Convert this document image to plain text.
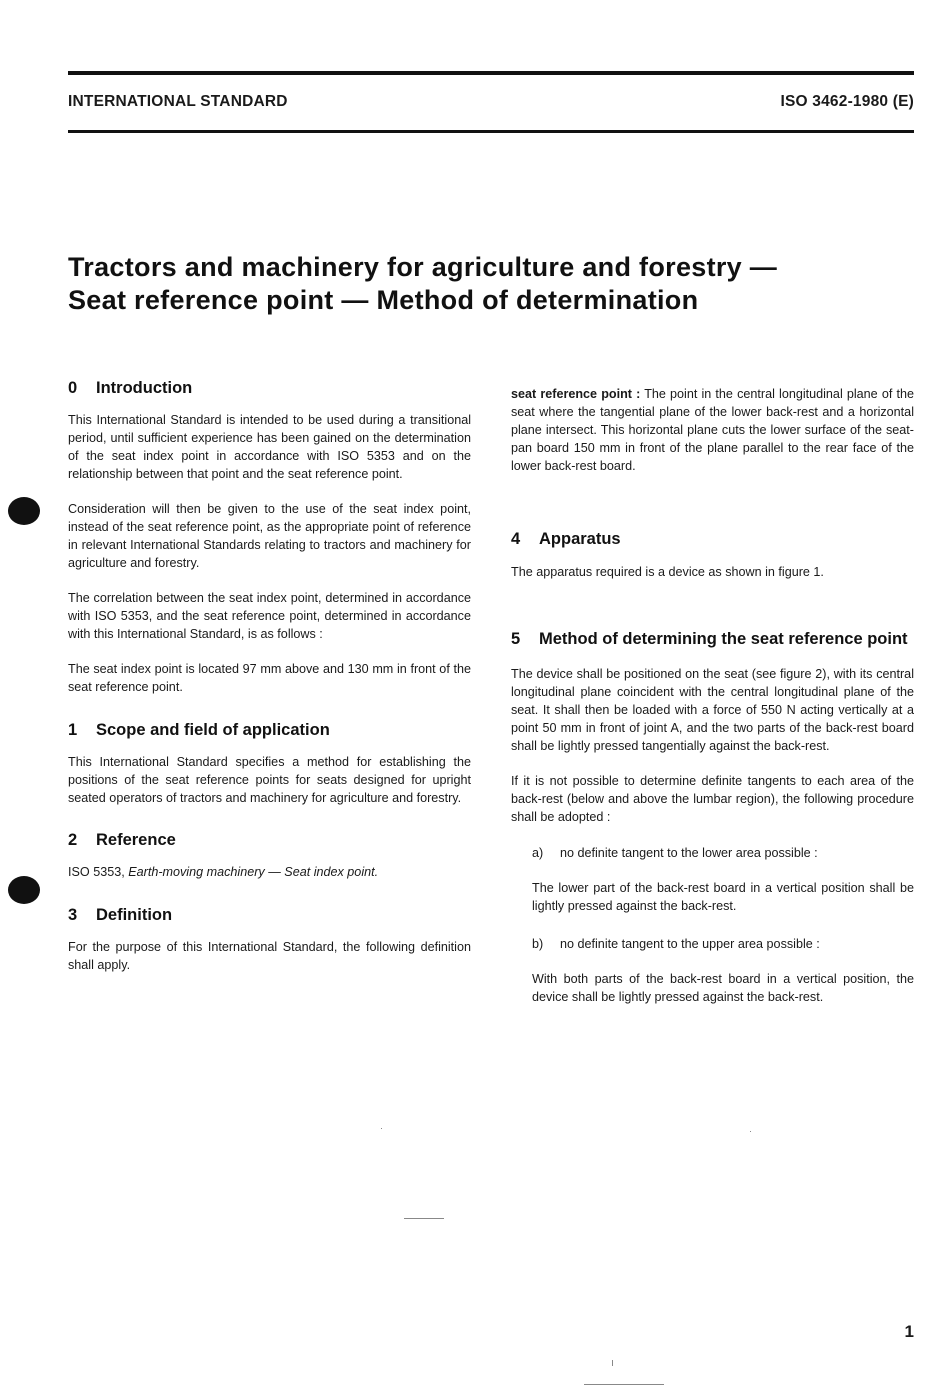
INTERNATIONAL STANDARD	ISO 3462-1980 (E)
Tractors and machinery for agriculture and forestry —
Seat reference point — Method of determination
0 Introduction

This International Standard is intended to be used during a transitional period, until sufficient experience has been gained on the determination of the seat index point in accordance with ISO 5353 and on the relationship between that point and the seat reference point.

Consideration will then be given to the use of the seat index point, instead of the seat reference point, as the appropriate point of reference in relevant International Standards relating to tractors and machinery for agriculture and forestry.

The correlation between the seat index point, determined in accordance with ISO 5353, and the seat reference point, determined in accordance with this International Standard, is as follows :

The seat index point is located 97 mm above and 130 mm in front of the seat reference point.

1 Scope and field of application

This International Standard specifies a method for establishing the positions of the seat reference points for seats designed for upright seated operators of tractors and machinery for agriculture and forestry.

2 Reference

ISO 5353, Earth-moving machinery — Seat index point.

3 Definition

For the purpose of this International Standard, the following definition shall apply.

seat reference point : The point in the central longitudinal plane of the seat where the tangential plane of the lower back-rest and a horizontal plane intersect. This horizontal plane cuts the lower surface of the seat-pan board 150 mm in front of the plane parallel to the rear face of the lower back-rest board.

4 Apparatus

The apparatus required is a device as shown in figure 1.

5	Method of determining the seat reference point

The device shall be positioned on the seat (see figure 2), with its central longitudinal plane coincident with the central longitudinal plane of the seat. It shall then be loaded with a force of 550 N acting vertically at a point 50 mm in front of joint A, and the two parts of the back-rest board shall be lightly pressed tangentially against the back-rest.

If it is not possible to determine definite tangents to each area of the back-rest (below and above the lumbar region), the following procedure shall be adopted :

a) no definite tangent to the lower area possible :

The lower part of the back-rest board in a vertical position shall be lightly pressed against the back-rest.

b) no definite tangent to the upper area possible :

With both parts of the back-rest board in a vertical position, the device shall be lightly pressed against the back-rest.

1
